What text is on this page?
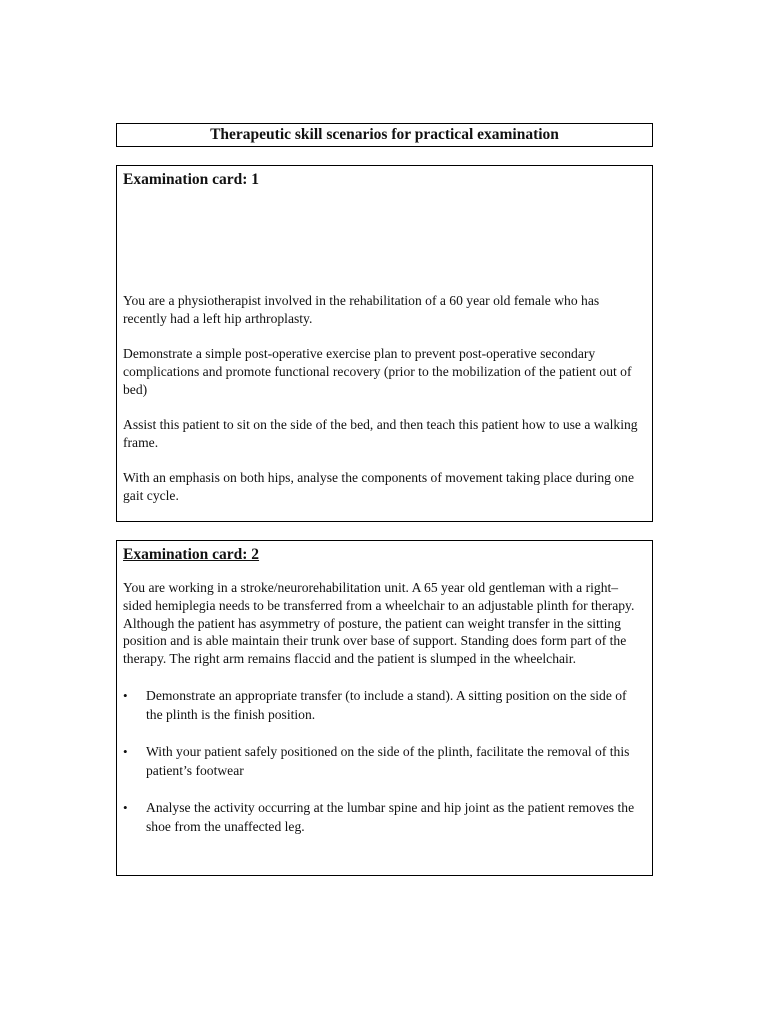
Therapeutic skill scenarios for practical examination

Examination card: 1

You are a physiotherapist involved in the rehabilitation of a 60 year old female who has recently had a left hip arthroplasty.

Demonstrate a simple post-operative exercise plan to prevent post-operative secondary complications and promote functional recovery (prior to the mobilization of the patient out of bed)

Assist this patient to sit on the side of the bed, and then teach this patient how to use a walking frame.

With an emphasis on both hips, analyse the components of movement taking place during one gait cycle.

Examination card: 2

You are working in a stroke/neurorehabilitation unit. A 65 year old gentleman with a right–sided hemiplegia needs to be transferred from a wheelchair to an adjustable plinth for therapy. Although the patient has asymmetry of posture, the patient can weight transfer in the sitting position and is able maintain their trunk over base of support. Standing does form part of the therapy. The right arm remains flaccid and the patient is slumped in the wheelchair.

• Demonstrate an appropriate transfer (to include a stand). A sitting position on the side of the plinth is the finish position.
• With your patient safely positioned on the side of the plinth, facilitate the removal of this patient’s footwear
• Analyse the activity occurring at the lumbar spine and hip joint as the patient removes the shoe from the unaffected leg.
